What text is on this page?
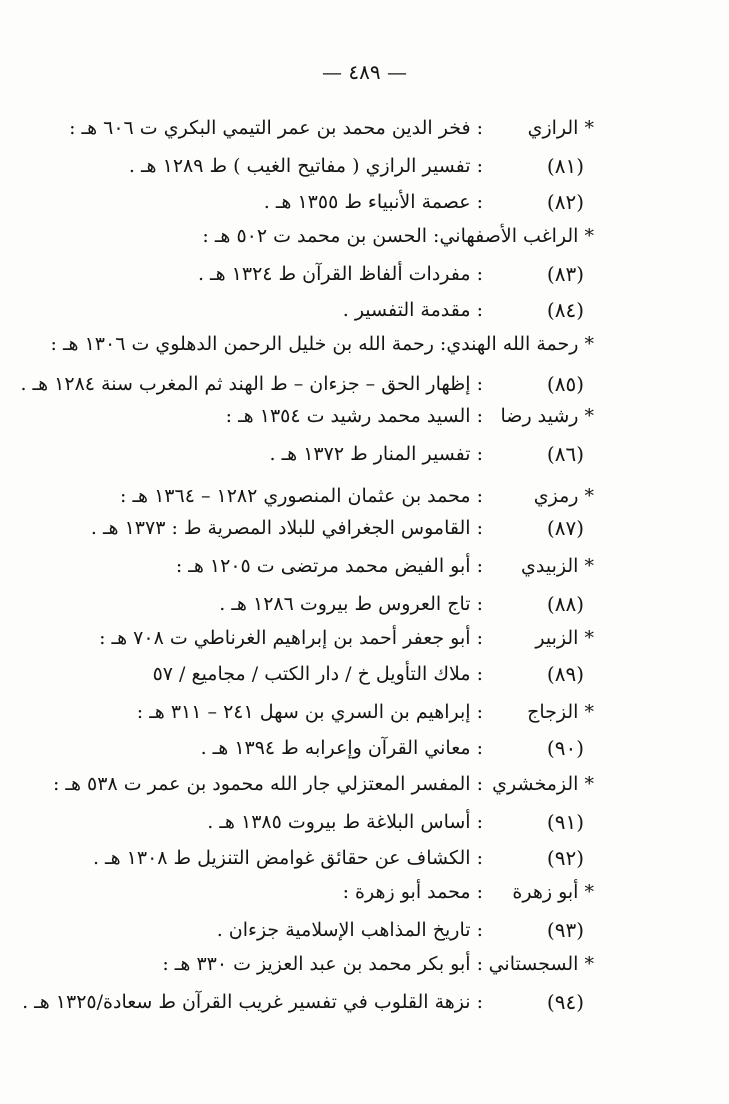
— ٤٨٩ —
* الرازي
: فخر الدين محمد بن عمر التيمي البكري ت ٦٠٦ هـ :
(٨١)
: تفسير الرازي ( مفاتيح الغيب ) ط ١٢٨٩ هـ .
(٨٢)
: عصمة الأنبياء ط ١٣٥٥ هـ .
* الراغب الأصفهاني: الحسن بن محمد ت ٥٠٢ هـ :
(٨٣)
: مفردات ألفاظ القرآن ط ١٣٢٤ هـ .
(٨٤)
: مقدمة التفسير .
* رحمة الله الهندي: رحمة الله بن خليل الرحمن الدهلوي ت ١٣٠٦ هـ :
(٨٥)
: إظهار الحق – جزءان – ط الهند ثم المغرب سنة ١٢٨٤ هـ .
* رشيد رضا
: السيد محمد رشيد ت ١٣٥٤ هـ :
(٨٦)
: تفسير المنار ط ١٣٧٢ هـ .
* رمزي
: محمد بن عثمان المنصوري ١٢٨٢ – ١٣٦٤ هـ :
(٨٧)
: القاموس الجغرافي للبلاد المصرية ط : ١٣٧٣ هـ .
* الزبيدي
: أبو الفيض محمد مرتضى ت ١٢٠٥ هـ :
(٨٨)
: تاج العروس ط بيروت ١٢٨٦ هـ .
* الزبير
: أبو جعفر أحمد بن إبراهيم الغرناطي ت ٧٠٨ هـ :
(٨٩)
: ملاك التأويل خ / دار الكتب / مجاميع / ٥٧
* الزجاج
: إبراهيم بن السري بن سهل ٢٤١ – ٣١١ هـ :
(٩٠)
: معاني القرآن وإعرابه ط ١٣٩٤ هـ .
* الزمخشري
: المفسر المعتزلي جار الله محمود بن عمر ت ٥٣٨ هـ :
(٩١)
: أساس البلاغة ط بيروت ١٣٨٥ هـ .
(٩٢)
: الكشاف عن حقائق غوامض التنزيل ط ١٣٠٨ هـ .
* أبو زهرة
: محمد أبو زهرة :
(٩٣)
: تاريخ المذاهب الإسلامية جزءان .
* السجستاني
: أبو بكر محمد بن عبد العزيز ت ٣٣٠ هـ :
(٩٤)
: نزهة القلوب في تفسير غريب القرآن ط سعادة/١٣٢٥ هـ .
